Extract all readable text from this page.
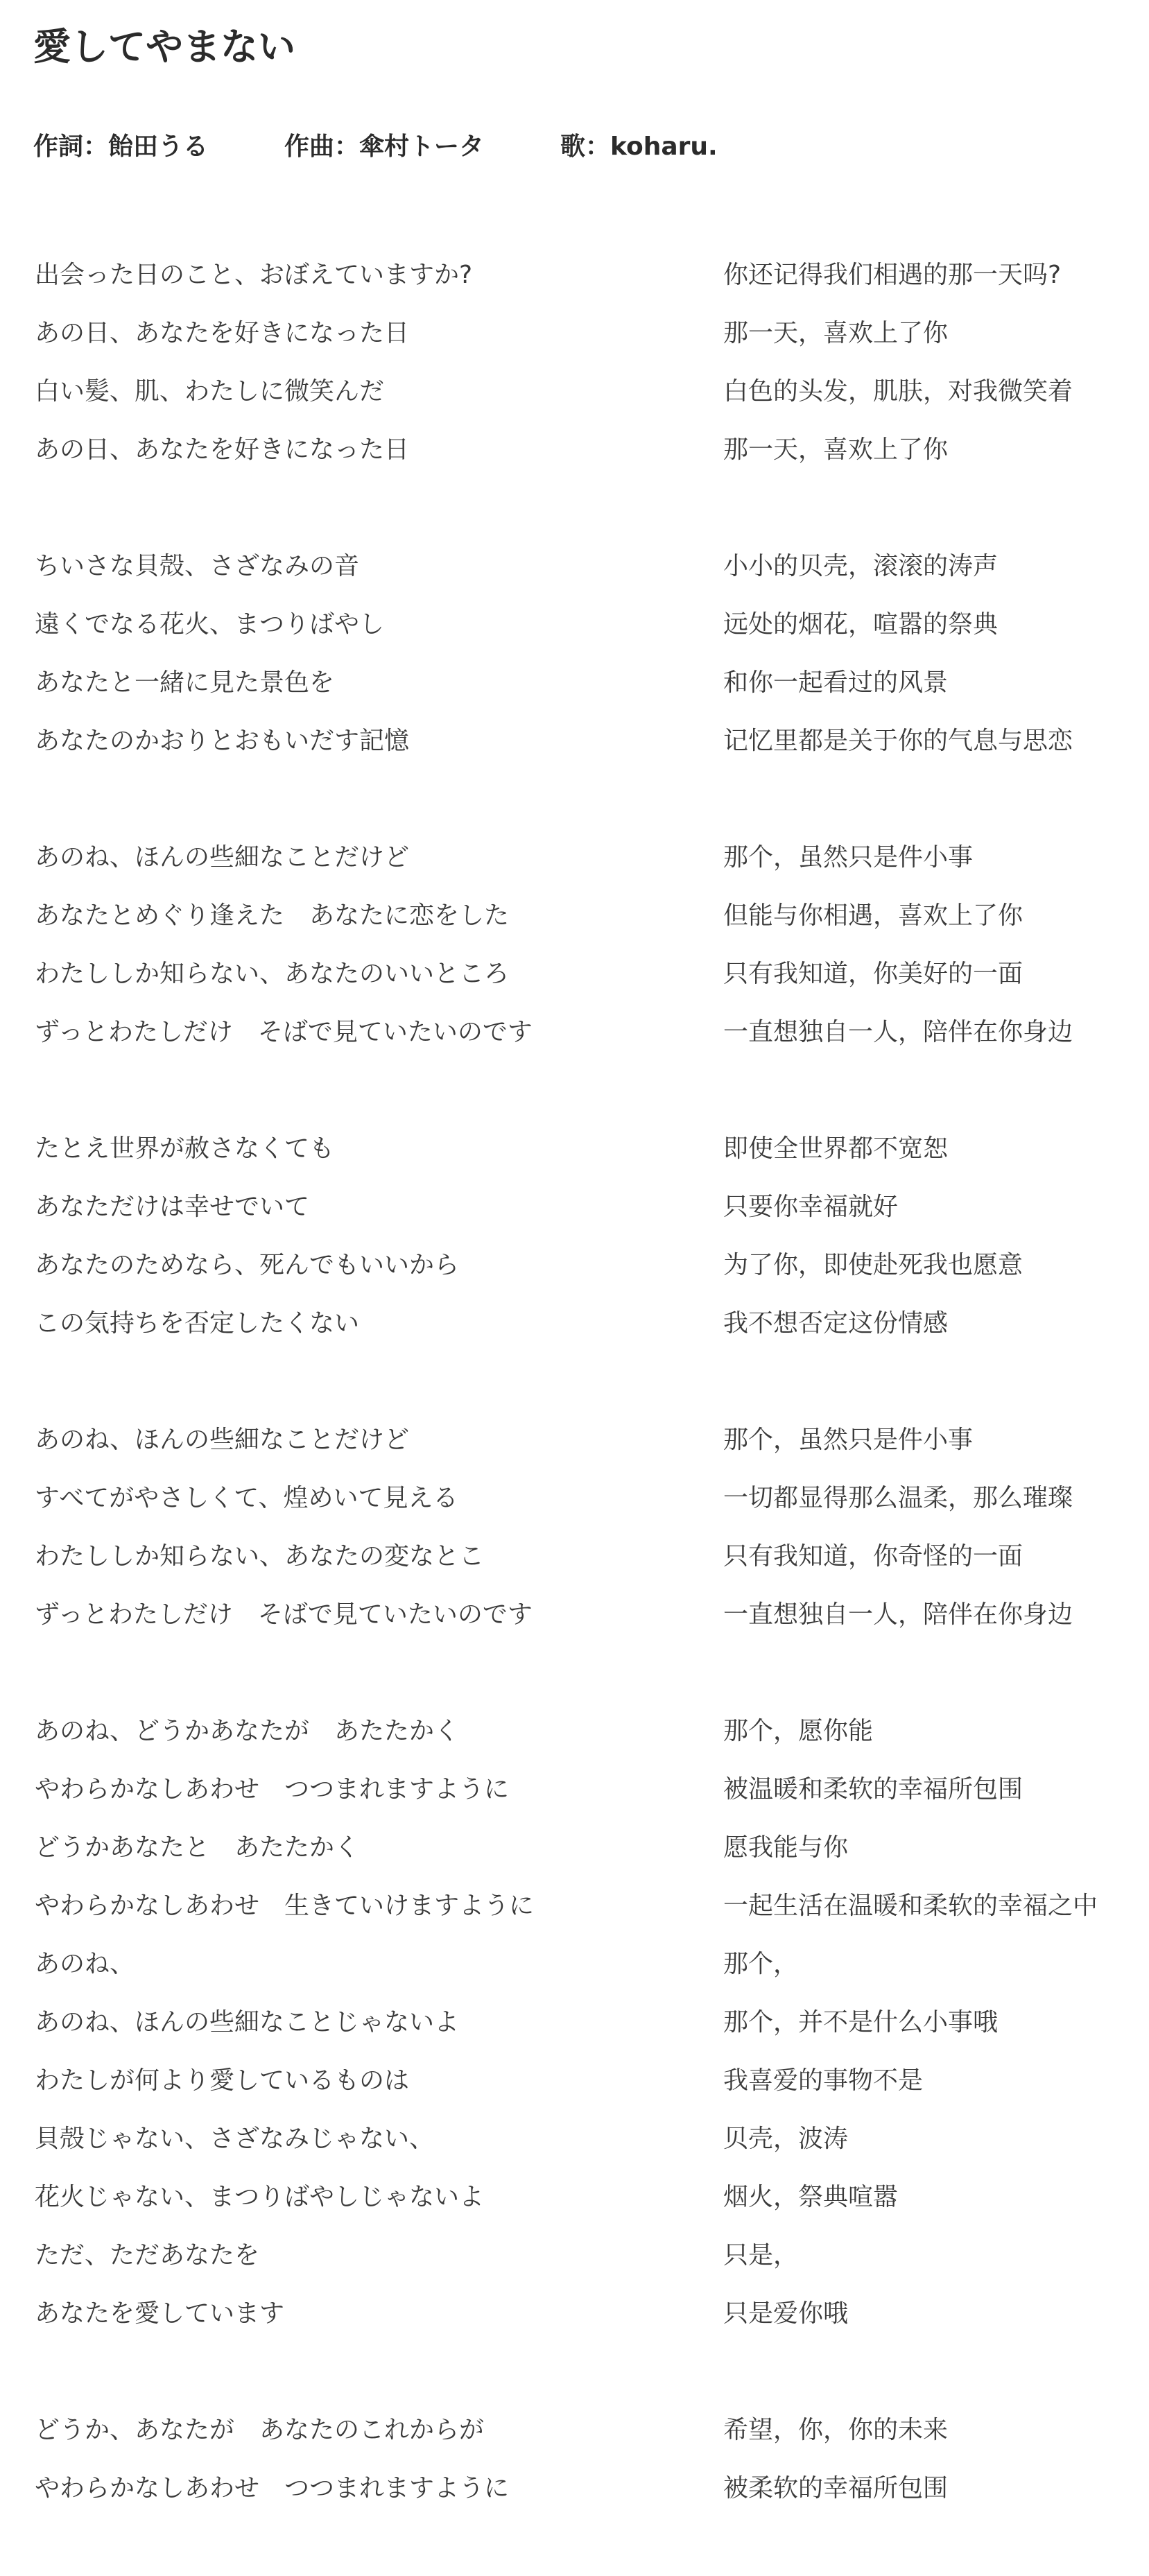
愛してやまない
作詞：飴田うる	作曲：傘村トータ	歌：koharu.
出会った日のこと、おぼえていますか?	你还记得我们相遇的那一天吗?
あの日、あなたを好きになった日	那一天，喜欢上了你
白い髪、肌、わたしに微笑んだ	白色的头发，肌肤，对我微笑着
あの日、あなたを好きになった日	那一天，喜欢上了你
ちいさな貝殻、さざなみの音	小小的贝壳，滚滚的涛声
遠くでなる花火、まつりばやし	远处的烟花，喧嚣的祭典
あなたと一緒に見た景色を	和你一起看过的风景
あなたのかおりとおもいだす記憶	记忆里都是关于你的气息与思恋
あのね、ほんの些細なことだけど	那个，虽然只是件小事
あなたとめぐり逢えた　あなたに恋をした	但能与你相遇，喜欢上了你
わたししか知らない、あなたのいいところ	只有我知道，你美好的一面
ずっとわたしだけ　そばで見ていたいのです	一直想独自一人，陪伴在你身边
たとえ世界が赦さなくても	即使全世界都不宽恕
あなただけは幸せでいて	只要你幸福就好
あなたのためなら、死んでもいいから	为了你，即使赴死我也愿意
この気持ちを否定したくない	我不想否定这份情感
あのね、ほんの些細なことだけど	那个，虽然只是件小事
すべてがやさしくて、煌めいて見える	一切都显得那么温柔，那么璀璨
わたししか知らない、あなたの変なとこ	只有我知道，你奇怪的一面
ずっとわたしだけ　そばで見ていたいのです	一直想独自一人，陪伴在你身边
あのね、どうかあなたが　あたたかく	那个，愿你能
やわらかなしあわせ　つつまれますように	被温暖和柔软的幸福所包围
どうかあなたと　あたたかく	愿我能与你
やわらかなしあわせ　生きていけますように	一起生活在温暖和柔软的幸福之中
あのね、	那个，
あのね、ほんの些細なことじゃないよ	那个，并不是什么小事哦
わたしが何より愛しているものは	我喜爱的事物不是
貝殻じゃない、さざなみじゃない、	贝壳，波涛
花火じゃない、まつりばやしじゃないよ	烟火，祭典喧嚣
ただ、ただあなたを	只是，
あなたを愛しています	只是爱你哦
どうか、あなたが　あなたのこれからが	希望，你，你的未来
やわらかなしあわせ　つつまれますように	被柔软的幸福所包围
